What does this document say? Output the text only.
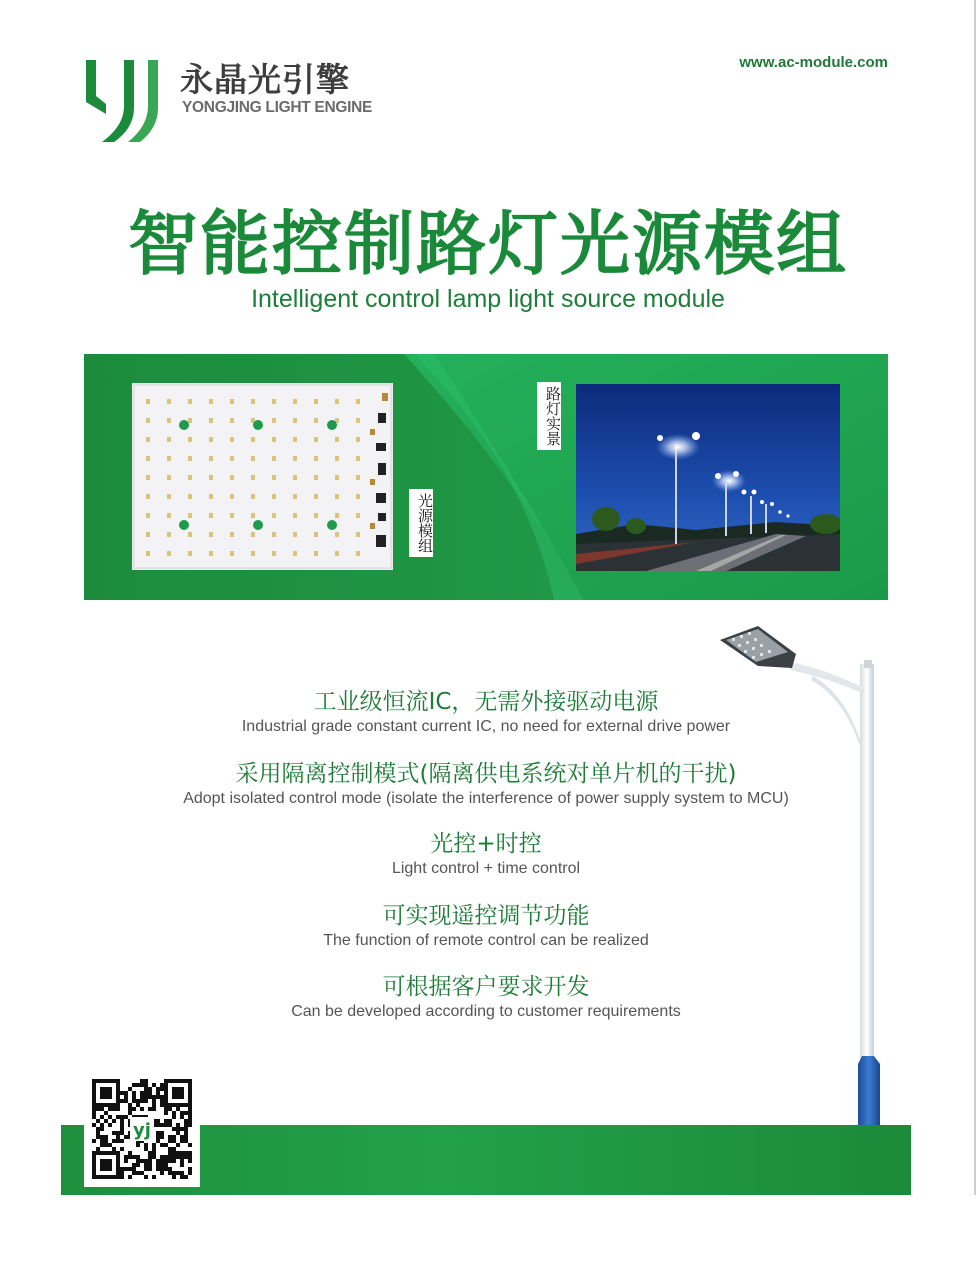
永晶光引擎
YONGJING LIGHT ENGINE
www.ac-module.com
智能控制路灯光源模组
Intelligent control lamp light source module
光源模组
路灯实景
工业级恒流IC，无需外接驱动电源
Industrial grade constant current IC, no need for external drive power
采用隔离控制模式(隔离供电系统对单片机的干扰)
Adopt isolated control mode (isolate the interference of power supply system to MCU)
光控+时控
Light control + time control
可实现遥控调节功能
The function of remote control can be realized
可根据客户要求开发
Can be developed according to customer requirements
yj
